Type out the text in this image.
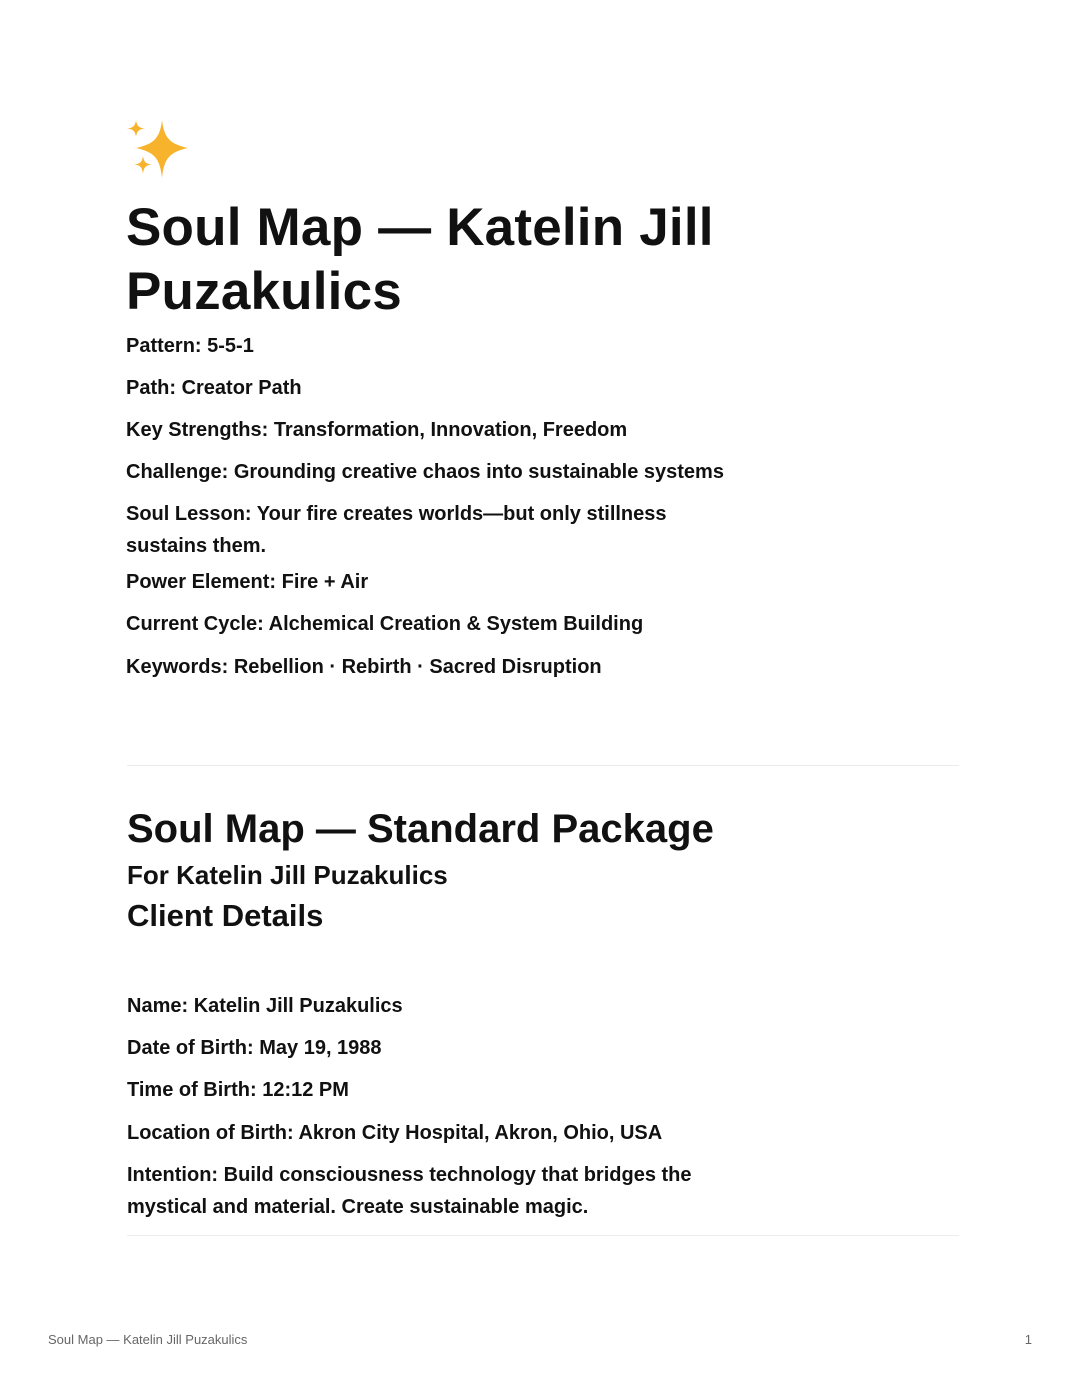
Soul Map — Katelin Jill Puzakulics

Pattern: 5-5-1

Path: Creator Path

Key Strengths: Transformation, Innovation, Freedom

Challenge: Grounding creative chaos into sustainable systems

Soul Lesson: Your fire creates worlds—but only stillness sustains them.

Power Element: Fire + Air

Current Cycle: Alchemical Creation & System Building

Keywords: Rebellion · Rebirth · Sacred Disruption

Soul Map — Standard Package
For Katelin Jill Puzakulics
Client Details

Name: Katelin Jill Puzakulics

Date of Birth: May 19, 1988

Time of Birth: 12:12 PM

Location of Birth: Akron City Hospital, Akron, Ohio, USA

Intention: Build consciousness technology that bridges the mystical and material. Create sustainable magic.

Soul Map — Katelin Jill Puzakulics	1
